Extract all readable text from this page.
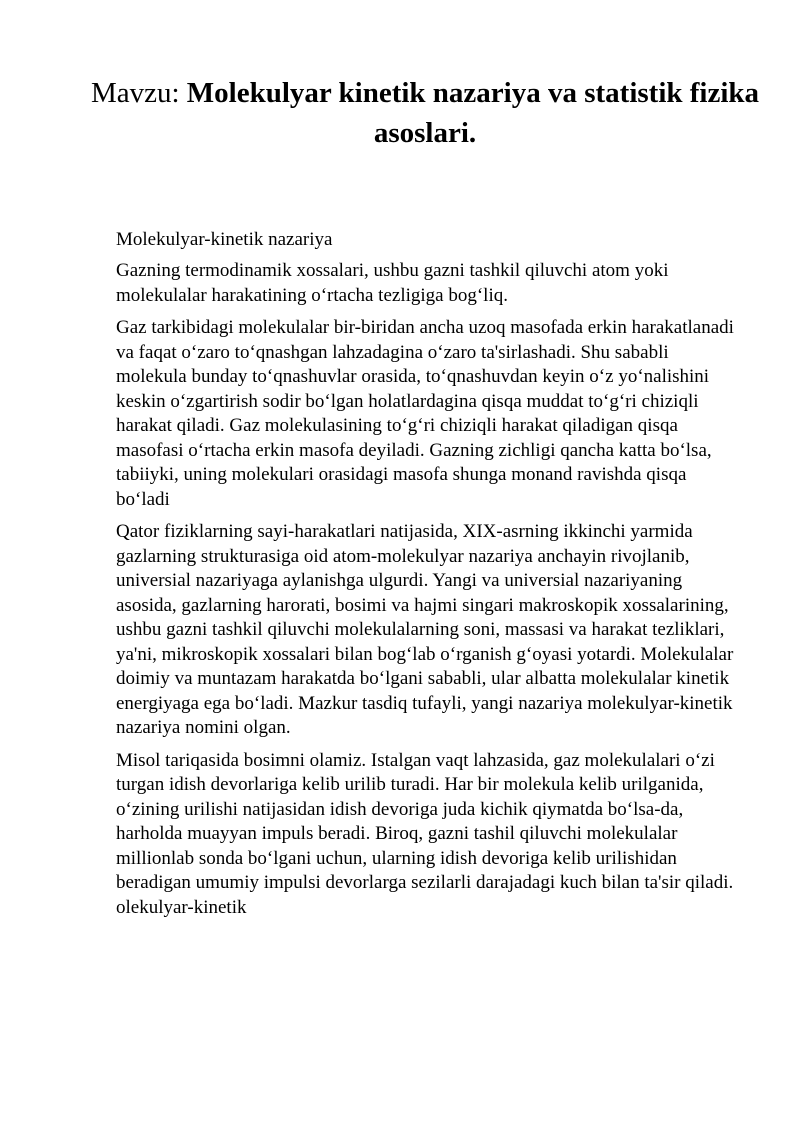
Mavzu: Molekulyar kinetik nazariya va statistik fizika asoslari.

Molekulyar-kinetik nazariya

Gazning termodinamik xossalari, ushbu gazni tashkil qiluvchi atom yoki molekulalar harakatining o‘rtacha tezligiga bog‘liq.

Gaz tarkibidagi molekulalar bir-biridan ancha uzoq masofada erkin harakatlanadi va faqat o‘zaro to‘qnashgan lahzadagina o‘zaro ta'sirlashadi. Shu sababli molekula bunday to‘qnashuvlar orasida, to‘qnashuvdan keyin o‘z yo‘nalishini keskin o‘zgartirish sodir bo‘lgan holatlardagina qisqa muddat to‘g‘ri chiziqli harakat qiladi. Gaz molekulasining to‘g‘ri chiziqli harakat qiladigan qisqa masofasi o‘rtacha erkin masofa deyiladi. Gazning zichligi qancha katta bo‘lsa, tabiiyki, uning molekulari orasidagi masofa shunga monand ravishda qisqa bo‘ladi

Qator fiziklarning sayi-harakatlari natijasida, XIX-asrning ikkinchi yarmida gazlarning strukturasiga oid atom-molekulyar nazariya anchayin rivojlanib, universial nazariyaga aylanishga ulgurdi. Yangi va universial nazariyaning asosida, gazlarning harorati, bosimi va hajmi singari makroskopik xossalarining, ushbu gazni tashkil qiluvchi molekulalarning soni, massasi va harakat tezliklari, ya'ni, mikroskopik xossalari bilan bog‘lab o‘rganish g‘oyasi yotardi. Molekulalar doimiy va muntazam harakatda bo‘lgani sababli, ular albatta molekulalar kinetik energiyaga ega bo‘ladi. Mazkur tasdiq tufayli, yangi nazariya molekulyar-kinetik nazariya nomini olgan.

Misol tariqasida bosimni olamiz. Istalgan vaqt lahzasida, gaz molekulalari o‘zi turgan idish devorlariga kelib urilib turadi. Har bir molekula kelib urilganida, o‘zining urilishi natijasidan idish devoriga juda kichik qiymatda bo‘lsa-da, harholda muayyan impuls beradi. Biroq, gazni tashil qiluvchi molekulalar millionlab sonda bo‘lgani uchun, ularning idish devoriga kelib urilishidan beradigan umumiy impulsi devorlarga sezilarli darajadagi kuch bilan ta'sir qiladi. olekulyar-kinetik
